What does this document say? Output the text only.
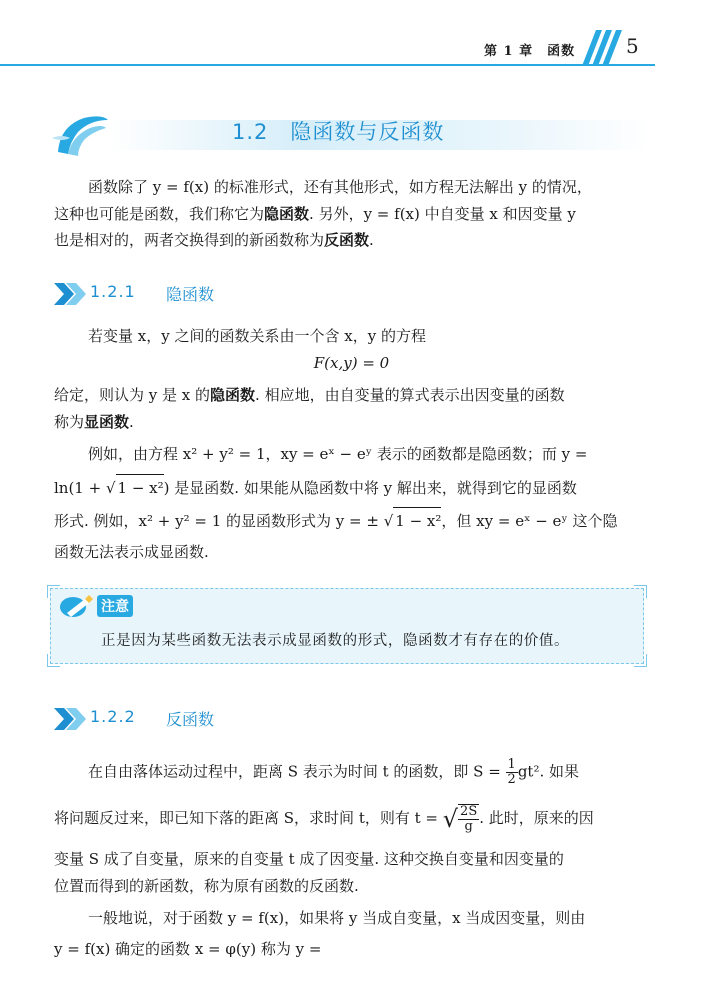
第 1 章　函数	5
1.2 隐函数与反函数
函数除了 y = f(x) 的标准形式，还有其他形式，如方程无法解出 y 的情况，
这种也可能是函数，我们称它为隐函数. 另外，y = f(x) 中自变量 x 和因变量 y
也是相对的，两者交换得到的新函数称为反函数.
1.2.1 隐函数
若变量 x，y 之间的函数关系由一个含 x，y 的方程
F(x,y) = 0
给定，则认为 y 是 x 的隐函数. 相应地，由自变量的算式表示出因变量的函数
称为显函数.
例如，由方程 x² + y² = 1，xy = eˣ − eʸ 表示的函数都是隐函数；而 y =
ln(1 + √ 1 − x²) 是显函数. 如果能从隐函数中将 y 解出来，就得到它的显函数
形式. 例如，x² + y² = 1 的显函数形式为 y = ± √ 1 − x²，但 xy = eˣ − eʸ 这个隐
函数无法表示成显函数.
注意
正是因为某些函数无法表示成显函数的形式，隐函数才有存在的价值。
1.2.2 反函数
在自由落体运动过程中，距离 S 表示为时间 t 的函数，即 $S = \frac{1}{2} gt^2$. 如果
将问题反过来，即已知下落的距离 S，求时间 t，则有 t = √ $\frac{2S}{g}$ . 此时，原来的因
变量 S 成了自变量，原来的自变量 t 成了因变量. 这种交换自变量和因变量的
位置而得到的新函数，称为原有函数的反函数.
一般地说，对于函数 y = f(x)，如果将 y 当成自变量，x 当成因变量，则由
y = f(x) 确定的函数 x = φ(y) 称为 y =
